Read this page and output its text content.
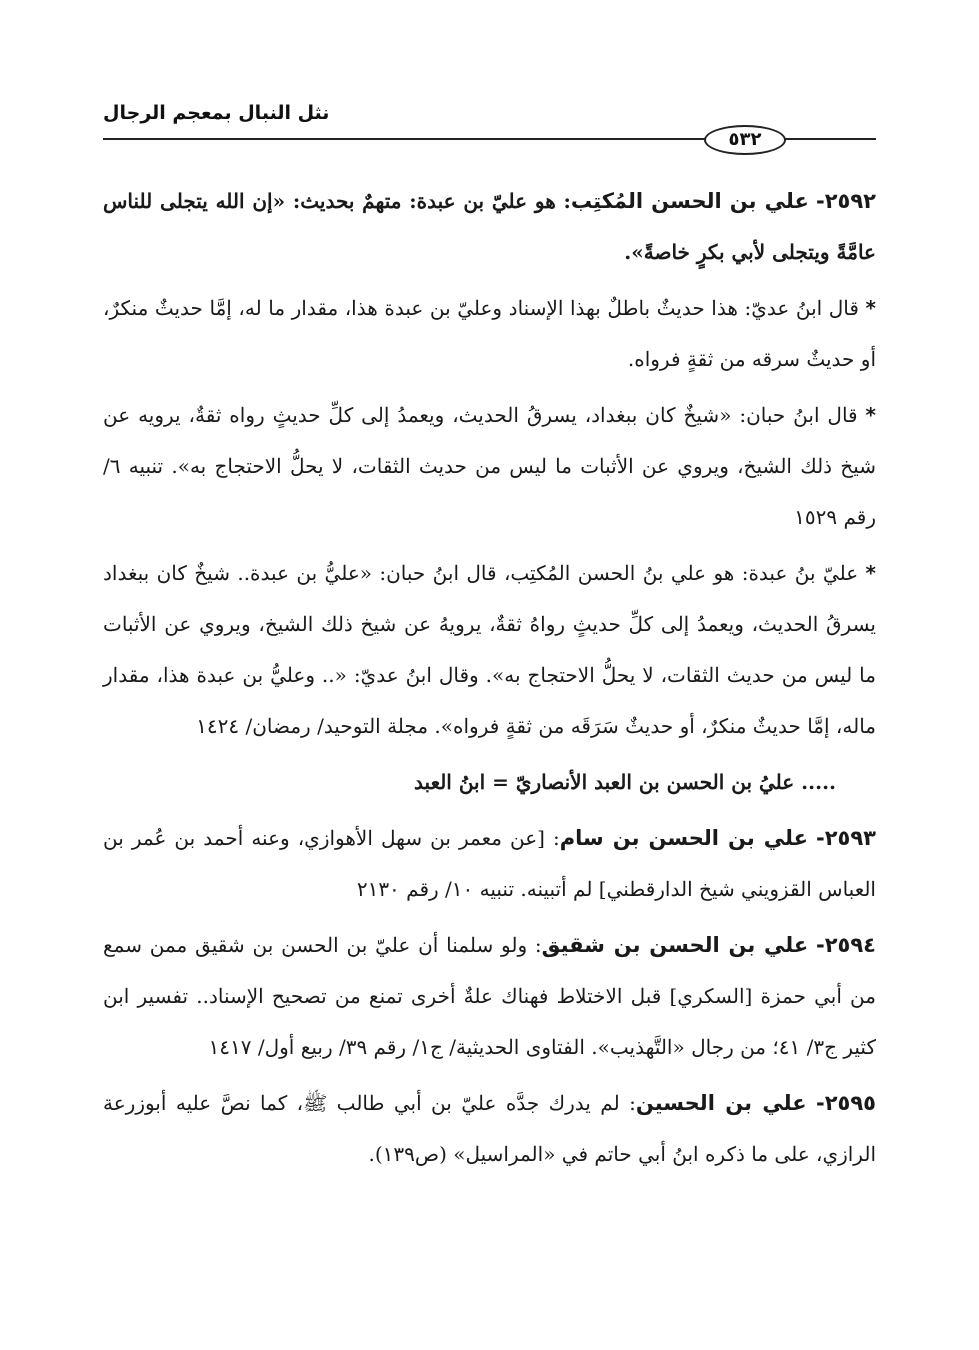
نثل النبال بمعجم الرجال
٥٣٢

٢٥٩٢- علي بن الحسن المُكتِب: هو عليّ بن عبدة: متهمٌ بحديث: «إن الله يتجلى للناس عامَّةً ويتجلى لأبي بكرٍ خاصةً».

* قال ابنُ عديّ: هذا حديثٌ باطلٌ بهذا الإسناد وعليّ بن عبدة هذا، مقدار ما له، إمَّا حديثٌ منكرٌ، أو حديثٌ سرقه من ثقةٍ فرواه.

* قال ابنُ حبان: «شيخٌ كان ببغداد، يسرقُ الحديث، ويعمدُ إلى كلِّ حديثٍ رواه ثقةٌ، يرويه عن شيخ ذلك الشيخ، ويروي عن الأثبات ما ليس من حديث الثقات، لا يحلُّ الاحتجاج به». تنبيه ٦/ رقم ١٥٢٩

* عليّ بنُ عبدة: هو علي بنُ الحسن المُكتِب، قال ابنُ حبان: «عليُّ بن عبدة.. شيخٌ كان ببغداد يسرقُ الحديث، ويعمدُ إلى كلِّ حديثٍ رواهُ ثقةٌ، يرويهُ عن شيخ ذلك الشيخ، ويروي عن الأثبات ما ليس من حديث الثقات، لا يحلُّ الاحتجاج به». وقال ابنُ عديّ: «.. وعليُّ بن عبدة هذا، مقدار ماله، إمَّا حديثٌ منكرٌ، أو حديثٌ سَرَقَه من ثقةٍ فرواه». مجلة التوحيد/ رمضان/ ١٤٢٤

..... عليُ بن الحسن بن العبد الأنصاريّ = ابنُ العبد

٢٥٩٣- علي بن الحسن بن سام: [عن معمر بن سهل الأهوازي، وعنه أحمد بن عُمر بن العباس القزويني شيخ الدارقطني] لم أتبينه. تنبيه ١٠/ رقم ٢١٣٠

٢٥٩٤- علي بن الحسن بن شقيق: ولو سلمنا أن عليّ بن الحسن بن شقيق ممن سمع من أبي حمزة [السكري] قبل الاختلاط فهناك علةٌ أخرى تمنع من تصحيح الإسناد.. تفسير ابن كثير ج٣/ ٤١؛ من رجال «التَّهذيب». الفتاوى الحديثية/ ج١/ رقم ٣٩/ ربيع أول/ ١٤١٧

٢٥٩٥- علي بن الحسين: لم يدرك جدَّه عليّ بن أبي طالب ﷺ، كما نصَّ عليه أبوزرعة الرازي، على ما ذكره ابنُ أبي حاتم في «المراسيل» (ص١٣٩).
